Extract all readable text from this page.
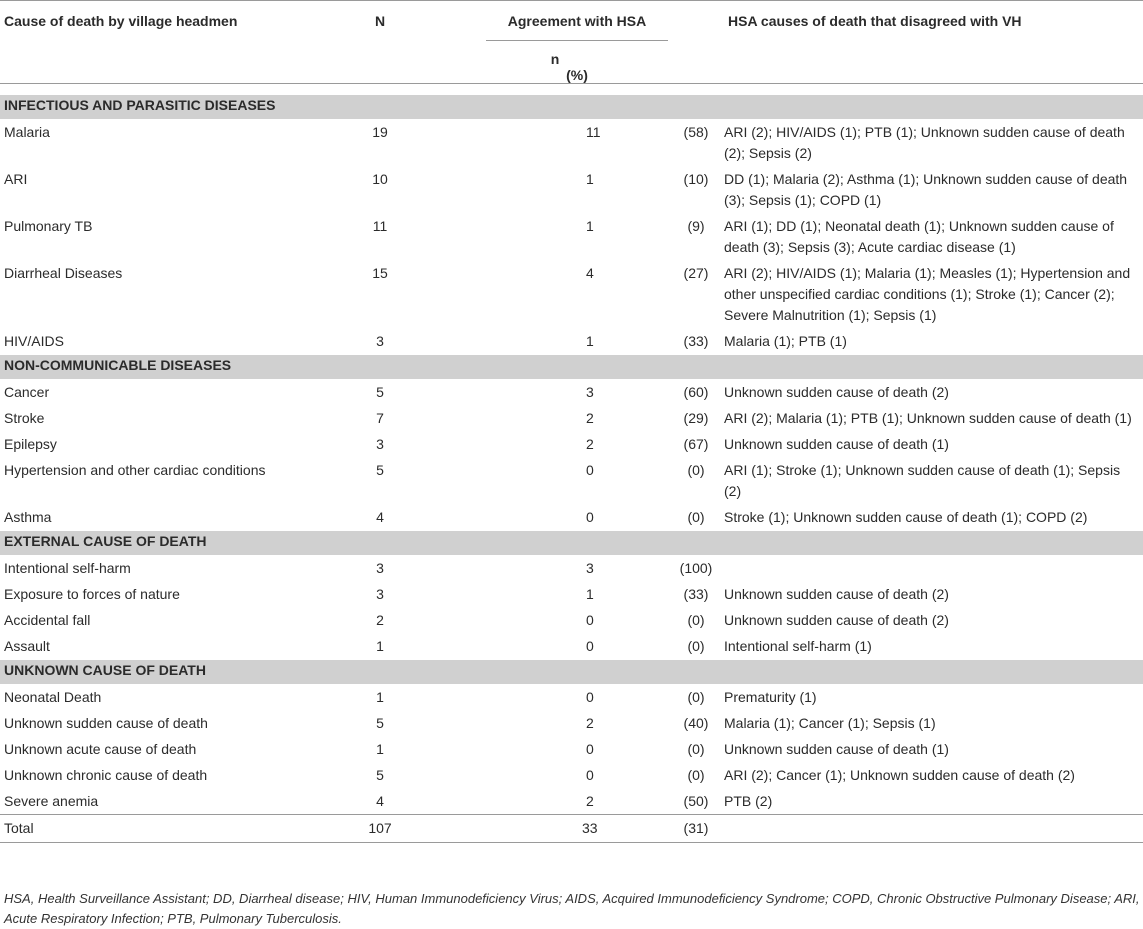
Cause of death by village headmen	N		Agreement with HSA		HSA causes of death that disagreed with VH
			n (%)		

INFECTIOUS AND PARASITIC DISEASES					
Malaria	19	11		(58)	ARI (2); HIV/AIDS (1); PTB (1); Unknown sudden cause of death (2); Sepsis (2)
ARI	10	1		(10)	DD (1); Malaria (2); Asthma (1); Unknown sudden cause of death (3); Sepsis (1); COPD (1)
Pulmonary TB	11	1		(9)	ARI (1); DD (1); Neonatal death (1); Unknown sudden cause of death (3); Sepsis (3); Acute cardiac disease (1)
Diarrheal Diseases	15	4		(27)	ARI (2); HIV/AIDS (1); Malaria (1); Measles (1); Hypertension and other unspecified cardiac conditions (1); Stroke (1); Cancer (2); Severe Malnutrition (1); Sepsis (1)
HIV/AIDS	3	1		(33)	Malaria (1); PTB (1)
NON-COMMUNICABLE DISEASES					
Cancer	5	3		(60)	Unknown sudden cause of death (2)
Stroke	7	2		(29)	ARI (2); Malaria (1); PTB (1); Unknown sudden cause of death (1)
Epilepsy	3	2		(67)	Unknown sudden cause of death (1)
Hypertension and other cardiac conditions	5	0		(0)	ARI (1); Stroke (1); Unknown sudden cause of death (1); Sepsis (2)
Asthma	4	0		(0)	Stroke (1); Unknown sudden cause of death (1); COPD (2)
EXTERNAL CAUSE OF DEATH					
Intentional self-harm	3	3		(100)	
Exposure to forces of nature	3	1		(33)	Unknown sudden cause of death (2)
Accidental fall	2	0		(0)	Unknown sudden cause of death (2)
Assault	1	0		(0)	Intentional self-harm (1)
UNKNOWN CAUSE OF DEATH					
Neonatal Death	1	0		(0)	Prematurity (1)
Unknown sudden cause of death	5	2		(40)	Malaria (1); Cancer (1); Sepsis (1)
Unknown acute cause of death	1	0		(0)	Unknown sudden cause of death (1)
Unknown chronic cause of death	5	0		(0)	ARI (2); Cancer (1); Unknown sudden cause of death (2)
Severe anemia	4	2		(50)	PTB (2)
Total	107	33		(31)	
HSA, Health Surveillance Assistant; DD, Diarrheal disease; HIV, Human Immunodeficiency Virus; AIDS, Acquired Immunodeficiency Syndrome; COPD, Chronic Obstructive Pulmonary Disease; ARI, Acute Respiratory Infection; PTB, Pulmonary Tuberculosis.
